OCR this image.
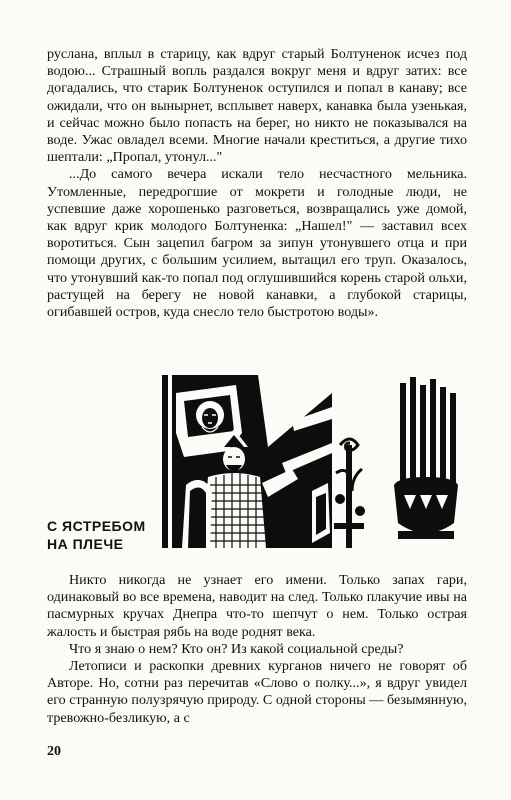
руслана, вплыл в старицу, как вдруг старый Болтуненок исчез под водою... Страшный вопль раздался вокруг меня и вдруг затих: все догадались, что старик Болтуненок оступился и попал в канаву; все ожидали, что он вынырнет, всплывет наверх, канавка была узенькая, и сейчас можно было попасть на берег, но никто не показывался на воде. Ужас овладел всеми. Многие начали креститься, а другие тихо шептали: „Пропал, утонул..."

...До самого вечера искали тело несчастного мельника. Утомленные, передрогшие от мокрети и голодные люди, не успевшие даже хорошенько разговеться, возвращались уже домой, как вдруг крик молодого Болтуненка: „Нашел!" — заставил всех воротиться. Сын зацепил багром за зипун утонувшего отца и при помощи других, с большим усилием, вытащил его труп. Оказалось, что утонувший как-то попал под оглушившийся корень старой ольхи, растущей на берегу не новой канавки, а глубокой старицы, огибавшей остров, куда снесло тело быстротою воды».

С ЯСТРЕБОМ
НА ПЛЕЧЕ

Никто никогда не узнает его имени. Только запах гари, одинаковый во все времена, наводит на след. Только плакучие ивы на пасмурных кручах Днепра что-то шепчут о нем. Только острая жалость и быстрая рябь на воде роднят века.

Что я знаю о нем? Кто он? Из какой социальной среды?

Летописи и раскопки древних курганов ничего не говорят об Авторе. Но, сотни раз перечитав «Слово о полку...», я вдруг увидел его странную полузрячую природу. С одной стороны — безымянную, тревожно-безликую, а с

20
